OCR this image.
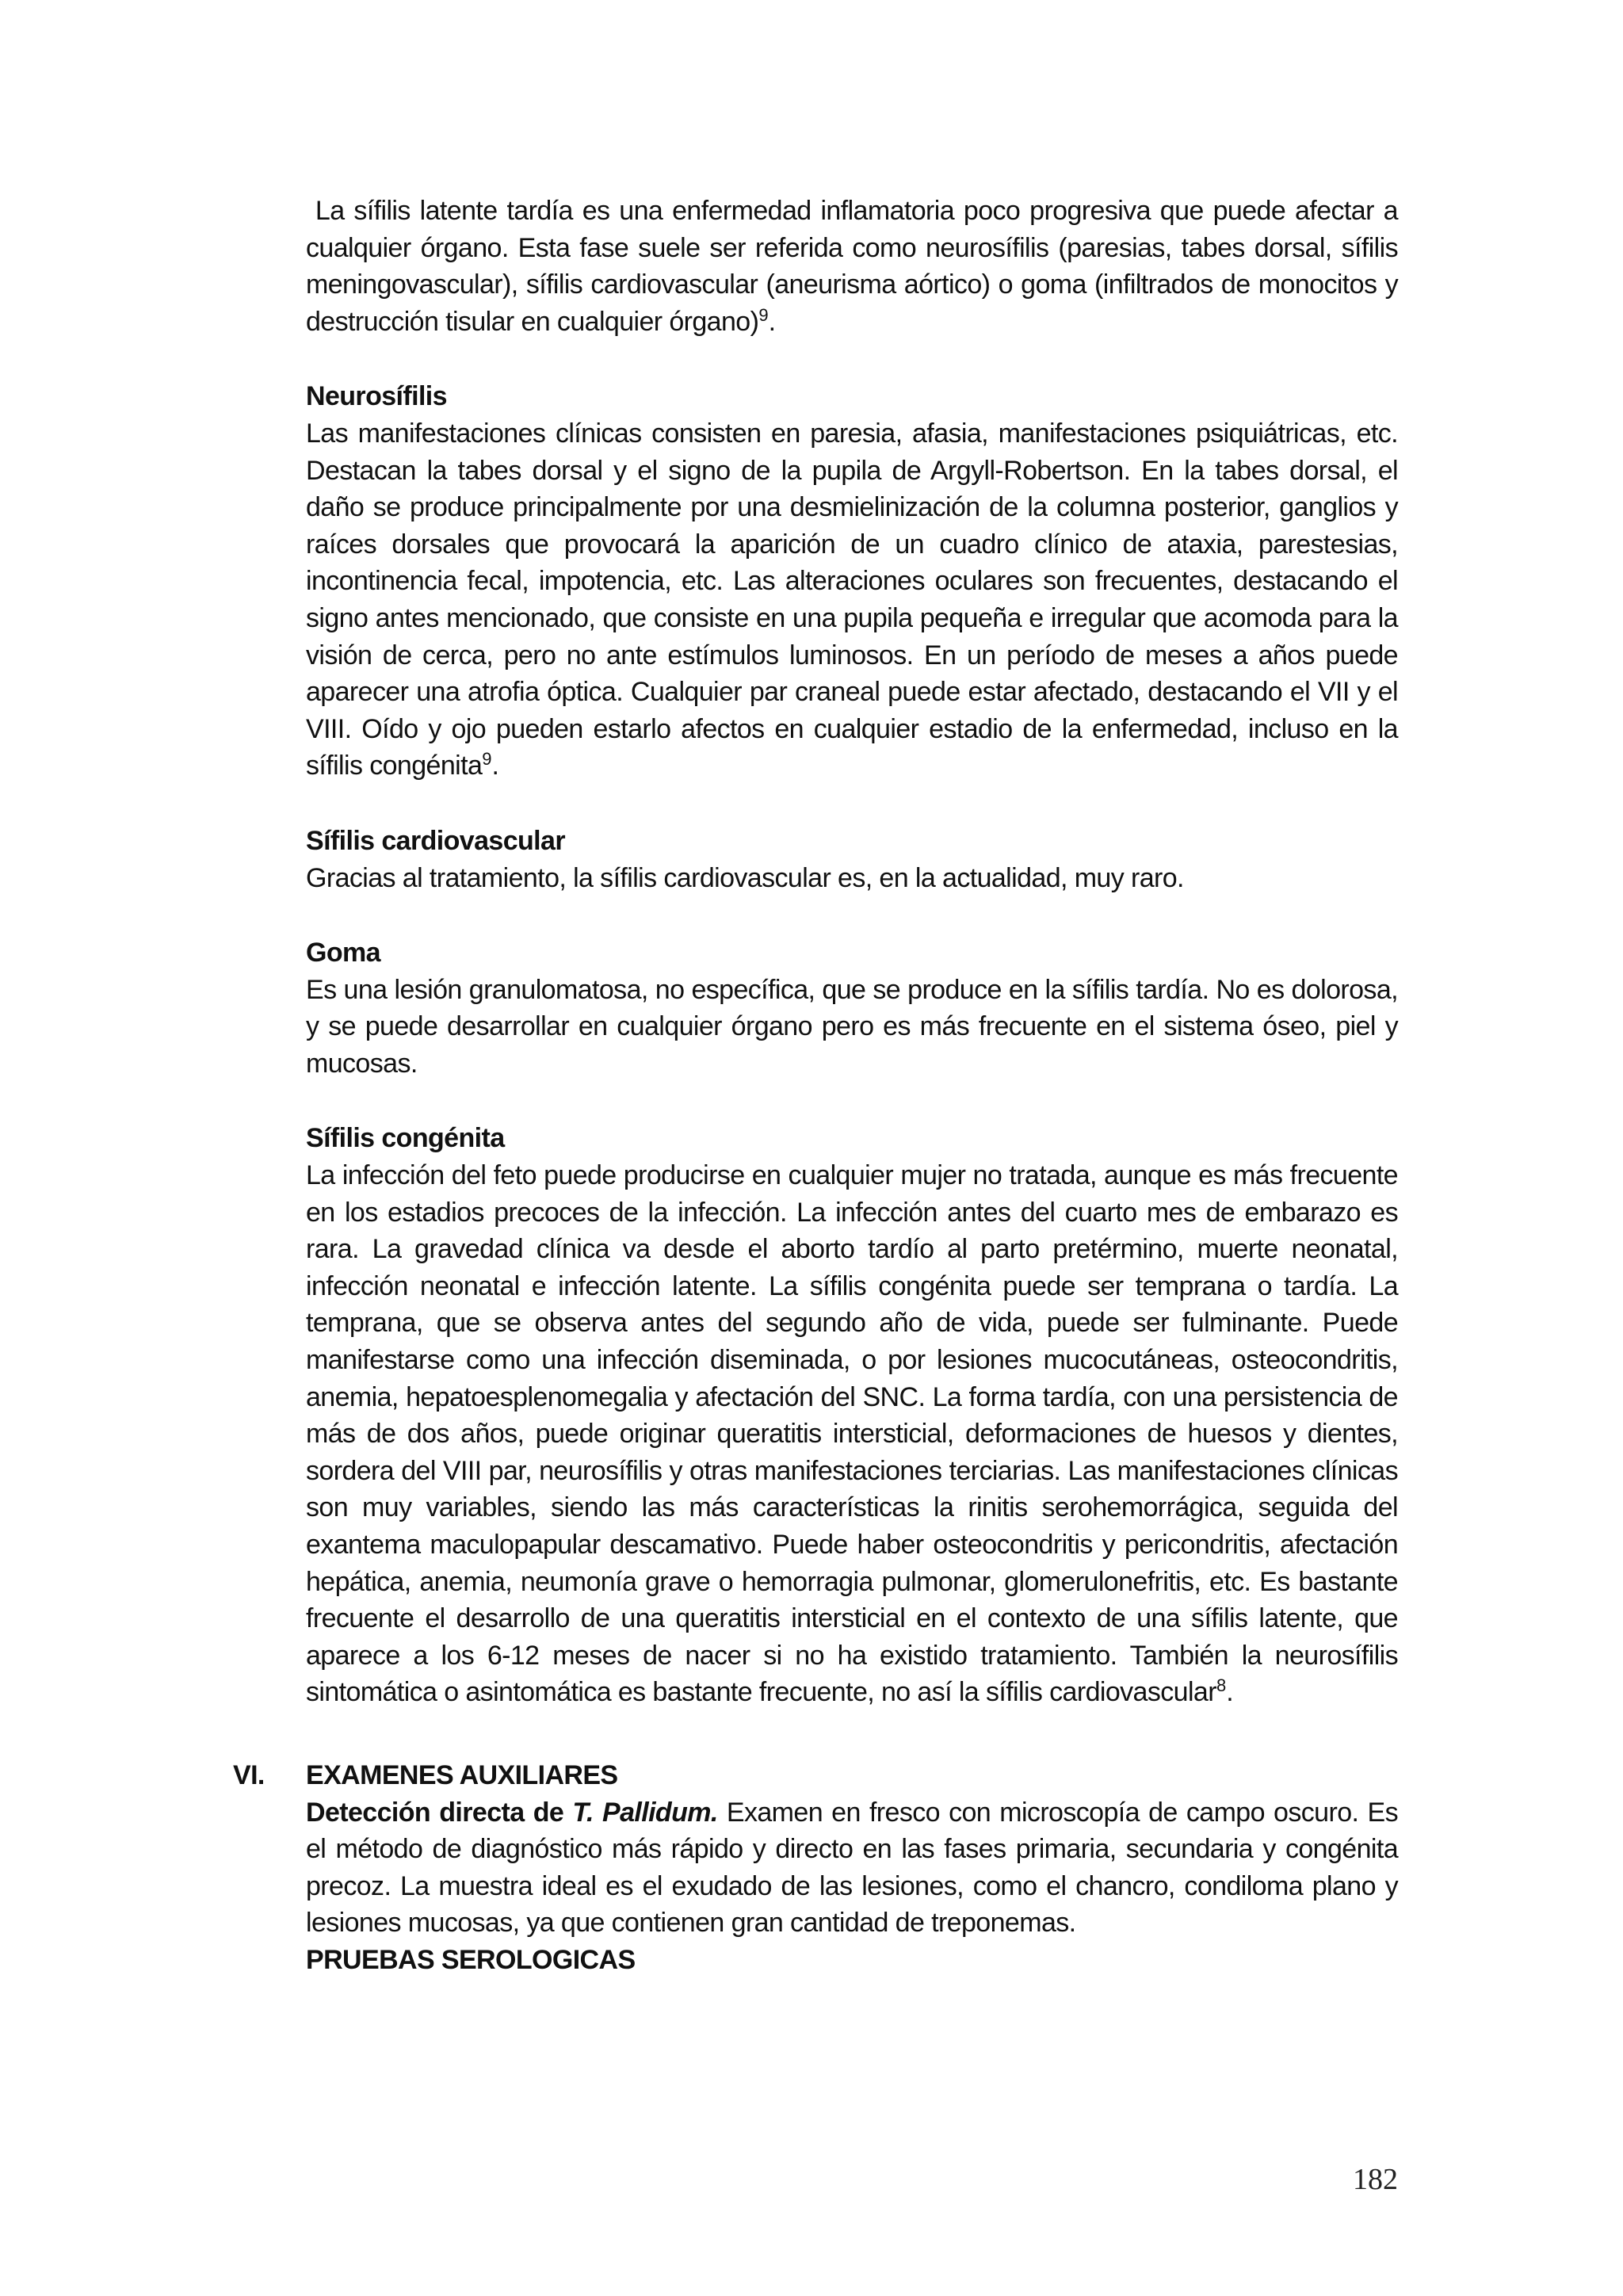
La sífilis latente tardía es una enfermedad inflamatoria poco progresiva que puede afectar a cualquier órgano. Esta fase suele ser referida como neurosífilis (paresias, tabes dorsal, sífilis meningovascular), sífilis cardiovascular (aneurisma aórtico) o goma (infiltrados de monocitos y destrucción tisular en cualquier órgano)$^9$.

Neurosífilis

Las manifestaciones clínicas consisten en paresia, afasia, manifestaciones psiquiátricas, etc. Destacan la tabes dorsal y el signo de la pupila de Argyll-Robertson. En la tabes dorsal, el daño se produce principalmente por una desmielinización de la columna posterior, ganglios y raíces dorsales que provocará la aparición de un cuadro clínico de ataxia, parestesias, incontinencia fecal, impotencia, etc. Las alteraciones oculares son frecuentes, destacando el signo antes mencionado, que consiste en una pupila pequeña e irregular que acomoda para la visión de cerca, pero no ante estímulos luminosos. En un período de meses a años puede aparecer una atrofia óptica. Cualquier par craneal puede estar afectado, destacando el VII y el VIII. Oído y ojo pueden estarlo afectos en cualquier estadio de la enfermedad, incluso en la sífilis congénita$^9$.

Sífilis cardiovascular

Gracias al tratamiento, la sífilis cardiovascular es, en la actualidad, muy raro.

Goma

Es una lesión granulomatosa, no específica, que se produce en la sífilis tardía. No es dolorosa, y se puede desarrollar en cualquier órgano pero es más frecuente en el sistema óseo, piel y mucosas.

Sífilis congénita

La infección del feto puede producirse en cualquier mujer no tratada, aunque es más frecuente en los estadios precoces de la infección. La infección antes del cuarto mes de embarazo es rara. La gravedad clínica va desde el aborto tardío al parto pretérmino, muerte neonatal, infección neonatal e infección latente. La sífilis congénita puede ser temprana o tardía. La temprana, que se observa antes del segundo año de vida, puede ser fulminante. Puede manifestarse como una infección diseminada, o por lesiones mucocutáneas, osteocondritis, anemia, hepatoesplenomegalia y afectación del SNC. La forma tardía, con una persistencia de más de dos años, puede originar queratitis intersticial, deformaciones de huesos y dientes, sordera del VIII par, neurosífilis y otras manifestaciones terciarias. Las manifestaciones clínicas son muy variables, siendo las más características la rinitis serohemorrágica, seguida del exantema maculopapular descamativo. Puede haber osteocondritis y pericondritis, afectación hepática, anemia, neumonía grave o hemorragia pulmonar, glomerulonefritis, etc. Es bastante frecuente el desarrollo de una queratitis intersticial en el contexto de una sífilis latente, que aparece a los 6-12 meses de nacer si no ha existido tratamiento. También la neurosífilis sintomática o asintomática es bastante frecuente, no así la sífilis cardiovascular$^8$.

VI. EXAMENES AUXILIARES

Detección directa de T. Pallidum. Examen en fresco con microscopía de campo oscuro. Es el método de diagnóstico más rápido y directo en las fases primaria, secundaria y congénita precoz. La muestra ideal es el exudado de las lesiones, como el chancro, condiloma plano y lesiones mucosas, ya que contienen gran cantidad de treponemas.

PRUEBAS SEROLOGICAS

182
